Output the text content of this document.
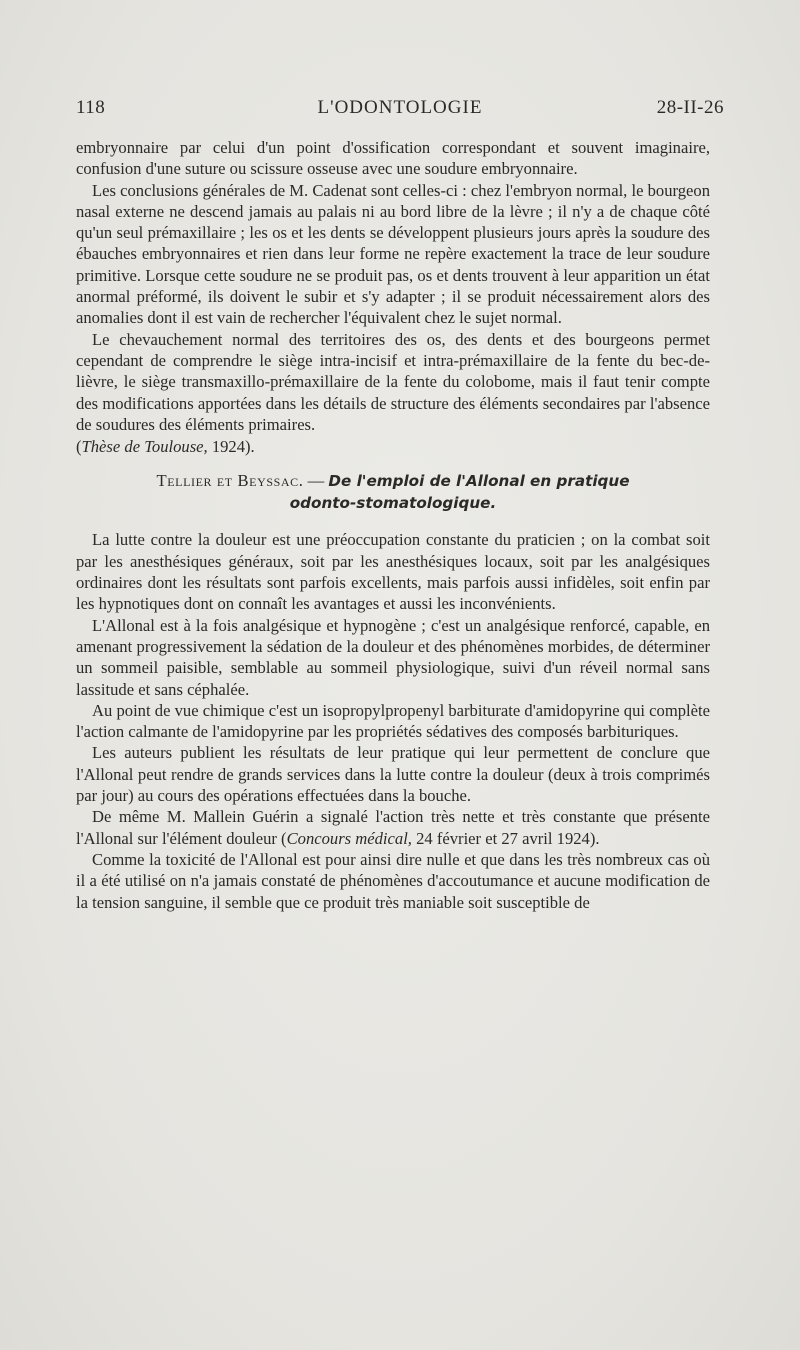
118	L'ODONTOLOGIE	28-II-26

embryonnaire par celui d'un point d'ossification correspondant et souvent imaginaire, confusion d'une suture ou scissure osseuse avec une soudure embryonnaire.

Les conclusions générales de M. Cadenat sont celles-ci : chez l'embryon normal, le bourgeon nasal externe ne descend jamais au palais ni au bord libre de la lèvre ; il n'y a de chaque côté qu'un seul prémaxillaire ; les os et les dents se développent plusieurs jours après la soudure des ébauches embryonnaires et rien dans leur forme ne repère exactement la trace de leur soudure primitive. Lorsque cette soudure ne se produit pas, os et dents trouvent à leur apparition un état anormal préformé, ils doivent le subir et s'y adapter ; il se produit nécessairement alors des anomalies dont il est vain de rechercher l'équivalent chez le sujet normal.

Le chevauchement normal des territoires des os, des dents et des bourgeons permet cependant de comprendre le siège intra-incisif et intra-prémaxillaire de la fente du bec-de-lièvre, le siège transmaxillo-prémaxillaire de la fente du colobome, mais il faut tenir compte des modifications apportées dans les détails de structure des éléments secondaires par l'absence de soudures des éléments primaires.

(Thèse de Toulouse, 1924).

Tellier et Beyssac. — De l'emploi de l'Allonal en pratique
odonto-stomatologique.

La lutte contre la douleur est une préoccupation constante du praticien ; on la combat soit par les anesthésiques généraux, soit par les anesthésiques locaux, soit par les analgésiques ordinaires dont les résultats sont parfois excellents, mais parfois aussi infidèles, soit enfin par les hypnotiques dont on connaît les avantages et aussi les inconvénients.

L'Allonal est à la fois analgésique et hypnogène ; c'est un analgésique renforcé, capable, en amenant progressivement la sédation de la douleur et des phénomènes morbides, de déterminer un sommeil paisible, semblable au sommeil physiologique, suivi d'un réveil normal sans lassitude et sans céphalée.

Au point de vue chimique c'est un isopropylpropenyl barbiturate d'amidopyrine qui complète l'action calmante de l'amidopyrine par les propriétés sédatives des composés barbituriques.

Les auteurs publient les résultats de leur pratique qui leur permettent de conclure que l'Allonal peut rendre de grands services dans la lutte contre la douleur (deux à trois comprimés par jour) au cours des opérations effectuées dans la bouche.

De même M. Mallein Guérin a signalé l'action très nette et très constante que présente l'Allonal sur l'élément douleur (Concours médical, 24 février et 27 avril 1924).

Comme la toxicité de l'Allonal est pour ainsi dire nulle et que dans les très nombreux cas où il a été utilisé on n'a jamais constaté de phénomènes d'accoutumance et aucune modification de la tension sanguine, il semble que ce produit très maniable soit susceptible de
